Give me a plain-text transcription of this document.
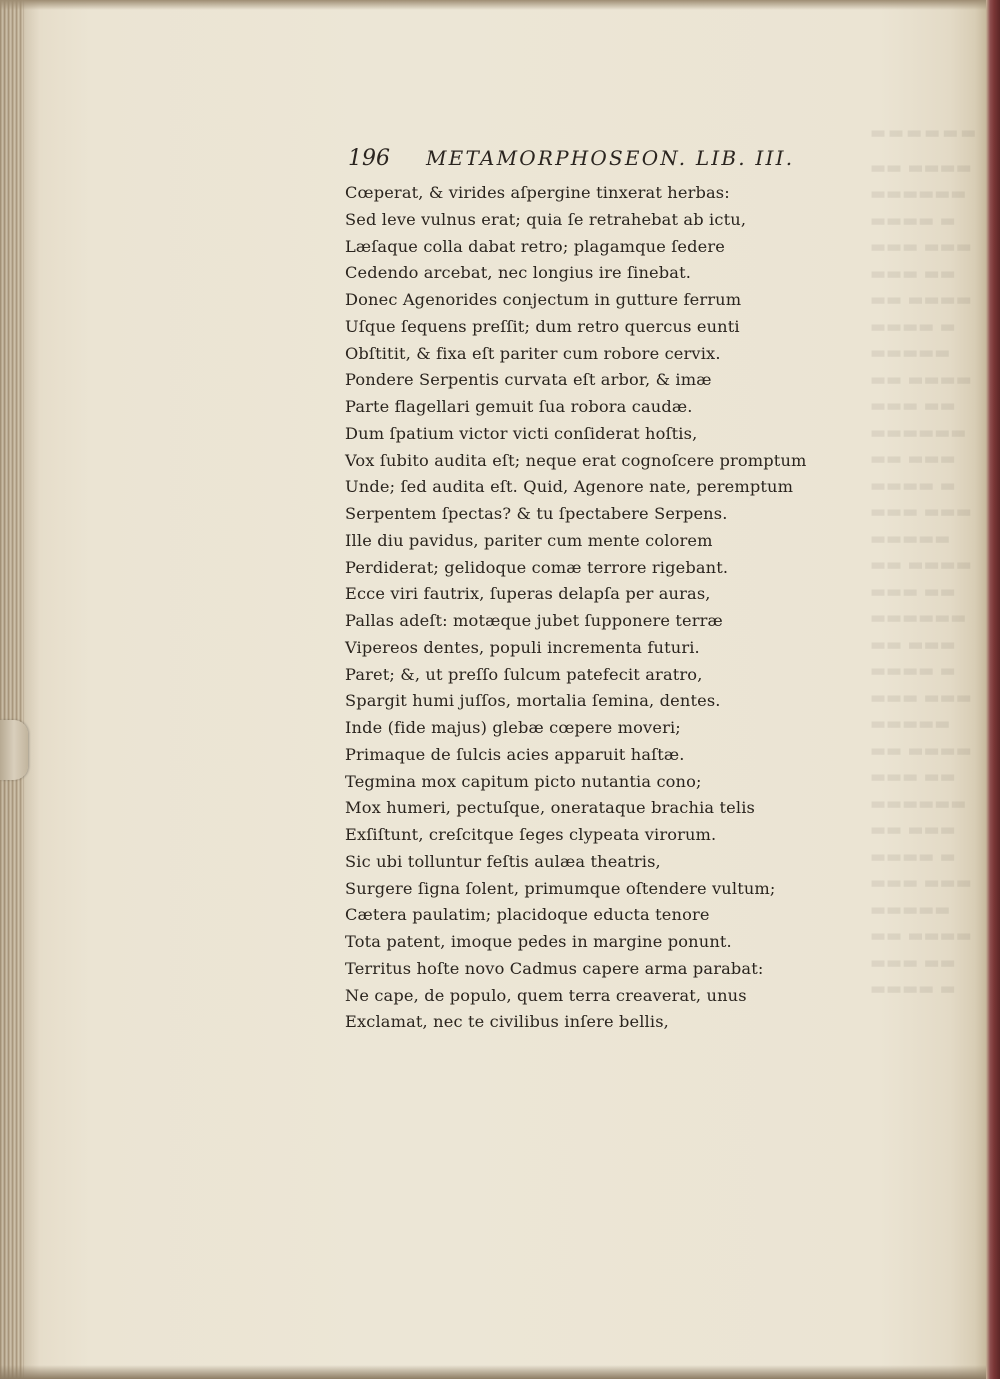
▬▬▬▬▬▬
▬▬ ▬▬▬▬
▬▬▬▬▬▬
▬▬▬▬ ▬
▬▬▬ ▬▬▬
▬▬▬ ▬▬
▬▬ ▬▬▬▬
▬▬▬▬ ▬
▬▬▬▬▬
▬▬ ▬▬▬▬
▬▬▬ ▬▬
▬▬▬▬▬▬
▬▬ ▬▬▬
▬▬▬▬ ▬
▬▬▬ ▬▬▬
▬▬▬▬▬
▬▬ ▬▬▬▬
▬▬▬ ▬▬
▬▬▬▬▬▬
▬▬ ▬▬▬
▬▬▬▬ ▬
▬▬▬ ▬▬▬
▬▬▬▬▬
▬▬ ▬▬▬▬
▬▬▬ ▬▬
▬▬▬▬▬▬
▬▬ ▬▬▬
▬▬▬▬ ▬
▬▬▬ ▬▬▬
▬▬▬▬▬
▬▬ ▬▬▬▬
▬▬▬ ▬▬
▬▬▬▬ ▬
196 METAMORPHOSEON. LIB. III.
Cœperat, & virides aſpergine tinxerat herbas:
Sed leve vulnus erat; quia ſe retrahebat ab ictu,
Læſaque colla dabat retro; plagamque ſedere
Cedendo arcebat, nec longius ire ſinebat.
Donec Agenorides conjectum in gutture ferrum
Uſque ſequens preſſit; dum retro quercus eunti
Obſtitit, & fixa eſt pariter cum robore cervix.
Pondere Serpentis curvata eſt arbor, & imæ
Parte flagellari gemuit ſua robora caudæ.
Dum ſpatium victor victi conſiderat hoſtis,
Vox ſubito audita eſt; neque erat cognoſcere promptum
Unde; ſed audita eſt. Quid, Agenore nate, peremptum
Serpentem ſpectas? & tu ſpectabere Serpens.
Ille diu pavidus, pariter cum mente colorem
Perdiderat; gelidoque comæ terrore rigebant.
Ecce viri fautrix, ſuperas delapſa per auras,
Pallas adeſt: motæque jubet ſupponere terræ
Vipereos dentes, populi incrementa futuri.
Paret; &, ut preſſo ſulcum patefecit aratro,
Spargit humi juſſos, mortalia ſemina, dentes.
Inde (fide majus) glebæ cœpere moveri;
Primaque de ſulcis acies apparuit haſtæ.
Tegmina mox capitum picto nutantia cono;
Mox humeri, pectuſque, onerataque brachia telis
Exſiſtunt, creſcitque ſeges clypeata virorum.
Sic ubi tolluntur feſtis aulæa theatris,
Surgere ſigna ſolent, primumque oſtendere vultum;
Cætera paulatim; placidoque educta tenore
Tota patent, imoque pedes in margine ponunt.
Territus hoſte novo Cadmus capere arma parabat:
Ne cape, de populo, quem terra creaverat, unus
Exclamat, nec te civilibus inſere bellis,
